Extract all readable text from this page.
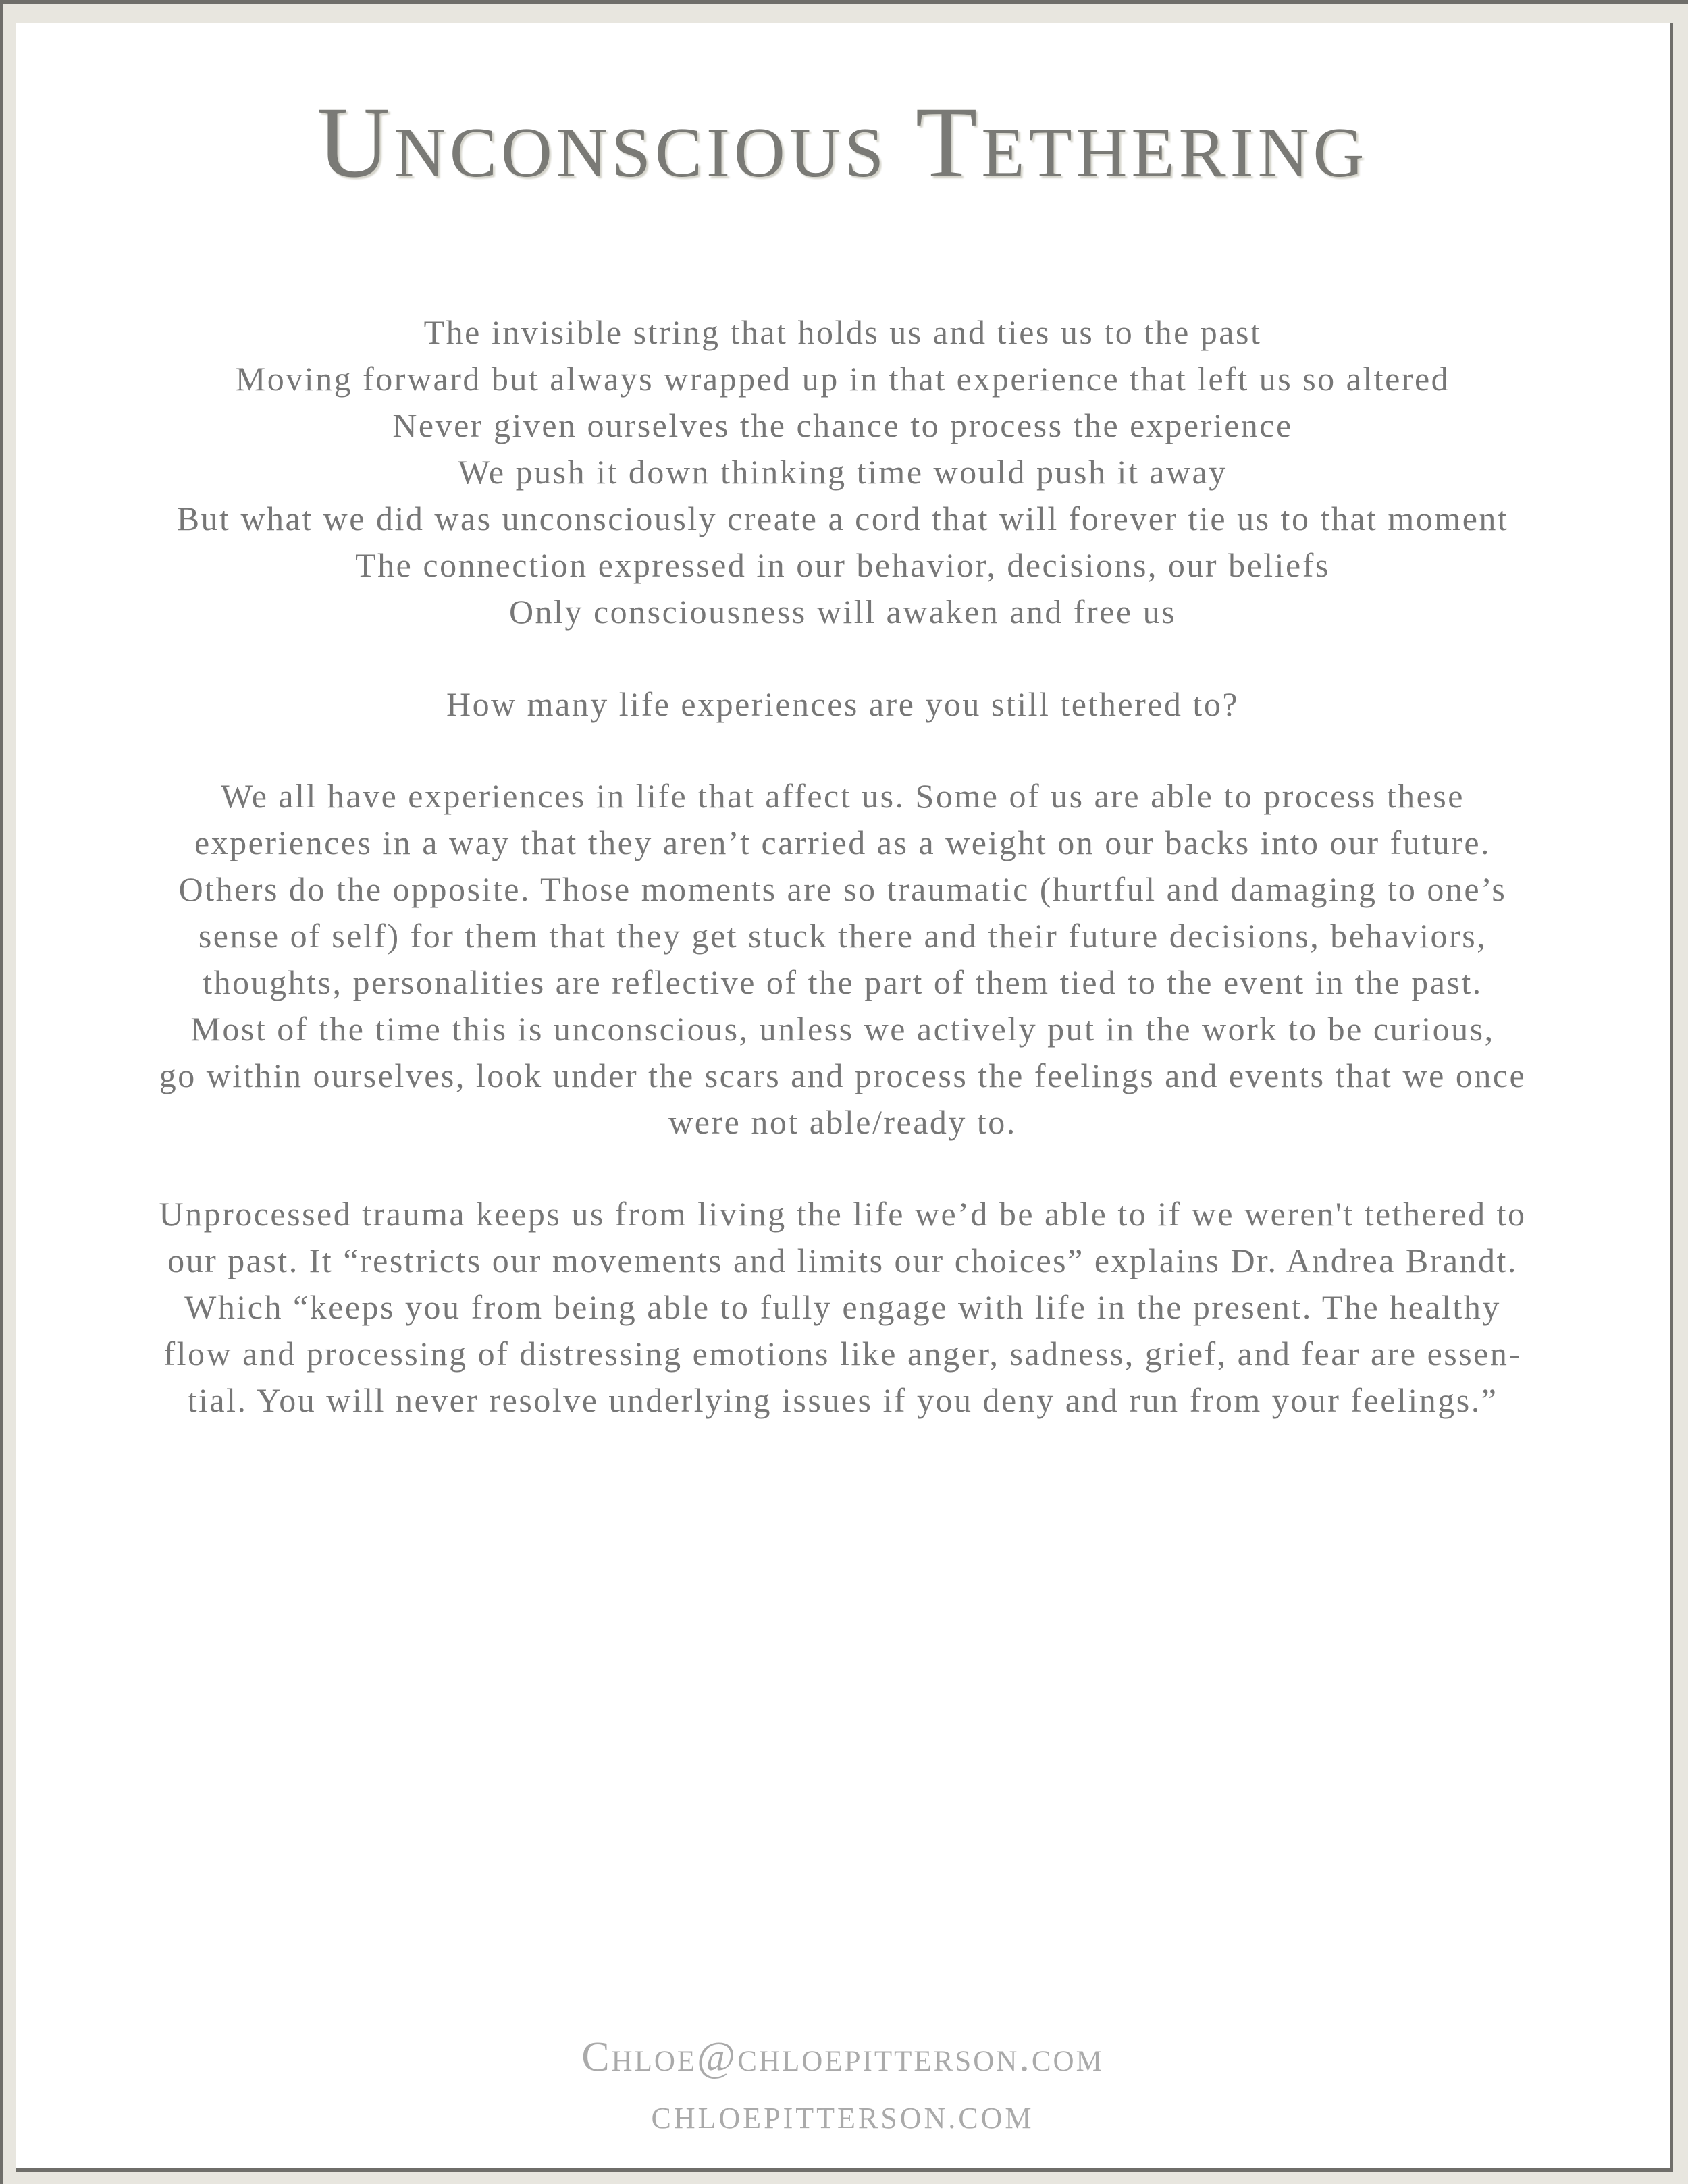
Unconscious Tethering
The invisible string that holds us and ties us to the past
Moving forward but always wrapped up in that experience that left us so altered
Never given ourselves the chance to process the experience
We push it down thinking time would push it away
But what we did was unconsciously create a cord that will forever tie us to that moment
The connection expressed in our behavior, decisions, our beliefs
Only consciousness will awaken and free us
How many life experiences are you still tethered to?
We all have experiences in life that affect us. Some of us are able to process these
experiences in a way that they aren’t carried as a weight on our backs into our future.
Others do the opposite. Those moments are so traumatic (hurtful and damaging to one’s
sense of self) for them that they get stuck there and their future decisions, behaviors,
thoughts, personalities are reflective of the part of them tied to the event in the past.
Most of the time this is unconscious, unless we actively put in the work to be curious,
go within ourselves, look under the scars and process the feelings and events that we once
were not able/ready to.
Unprocessed trauma keeps us from living the life we’d be able to if we weren't tethered to
our past. It “restricts our movements and limits our choices” explains Dr. Andrea Brandt.
Which “keeps you from being able to fully engage with life in the present. The healthy
flow and processing of distressing emotions like anger, sadness, grief, and fear are essen-
tial. You will never resolve underlying issues if you deny and run from your feelings.”
Chloe@chloepitterson.com
CHLOEPITTERSON.COM
